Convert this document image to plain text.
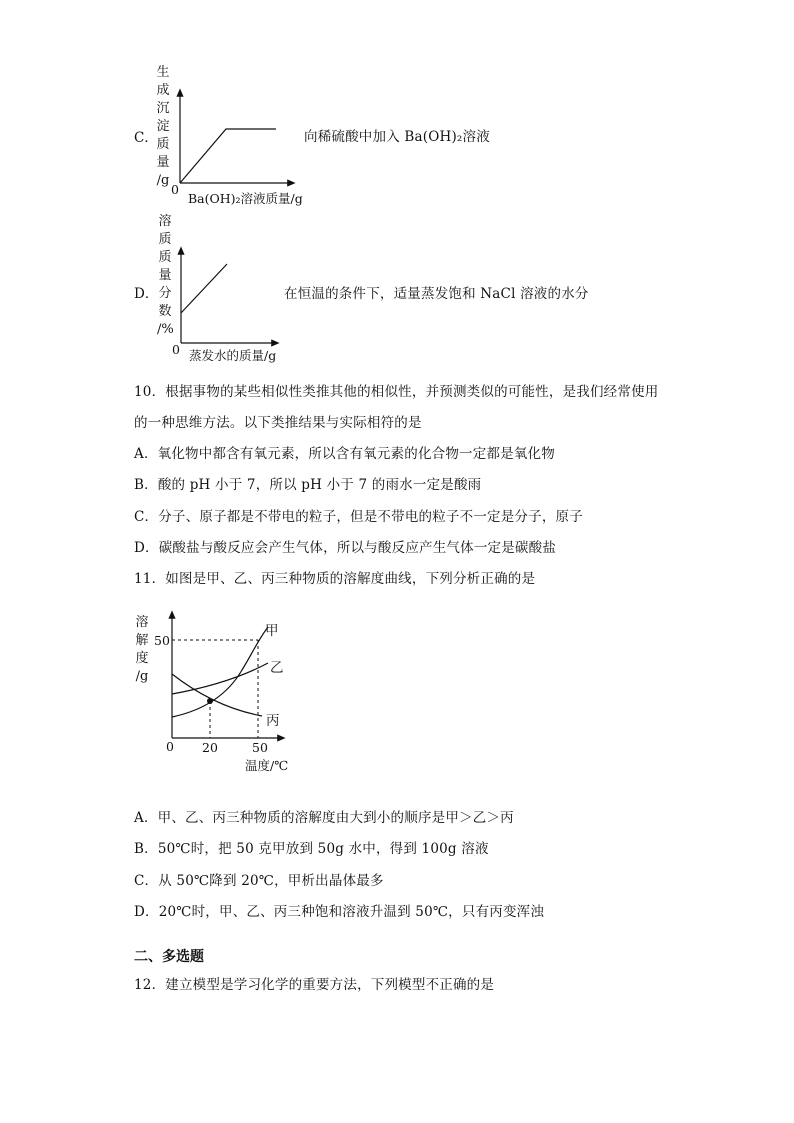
C．
生
成
沉
淀
质
量
/g
0
Ba(OH)₂溶液质量/g
向稀硫酸中加入 Ba(OH)₂溶液
D．
溶
质
质
量
分
数
/%
0 蒸发水的质量/g
在恒温的条件下，适量蒸发饱和 NaCl 溶液的水分
10．根据事物的某些相似性类推其他的相似性，并预测类似的可能性，是我们经常使用
的一种思维方法。以下类推结果与实际相符的是
A．氧化物中都含有氧元素，所以含有氧元素的化合物一定都是氧化物
B．酸的 pH 小于 7，所以 pH 小于 7 的雨水一定是酸雨
C．分子、原子都是不带电的粒子，但是不带电的粒子不一定是分子，原子
D．碳酸盐与酸反应会产生气体，所以与酸反应产生气体一定是碳酸盐
11．如图是甲、乙、丙三种物质的溶解度曲线，下列分析正确的是
溶
解
度
/g
50
0 20	50
温度/℃
甲
乙
丙
A．甲、乙、丙三种物质的溶解度由大到小的顺序是甲＞乙＞丙
B．50℃时，把 50 克甲放到 50g 水中，得到 100g 溶液
C．从 50℃降到 20℃，甲析出晶体最多
D．20℃时，甲、乙、丙三种饱和溶液升温到 50℃，只有丙变浑浊
二、多选题
12．建立模型是学习化学的重要方法，下列模型不正确的是
